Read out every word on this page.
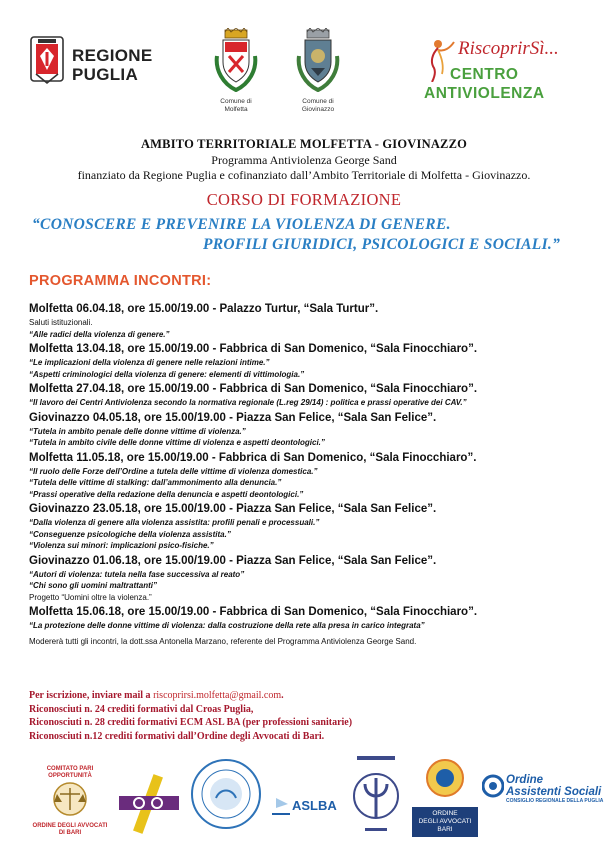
REGIONE
PUGLIA
Comune di
Molfetta
Comune di
Giovinazzo
RiscoprirSì...
CENTRO
ANTIVIOLENZA
AMBITO TERRITORIALE MOLFETTA - GIOVINAZZO
Programma Antiviolenza George Sand
finanziato da Regione Puglia e cofinanziato dall’Ambito Territoriale di Molfetta - Giovinazzo.
CORSO DI FORMAZIONE
“CONOSCERE E PREVENIRE LA VIOLENZA DI GENERE.
PROFILI GIURIDICI, PSICOLOGICI E SOCIALI.”
PROGRAMMA INCONTRI:
Molfetta 06.04.18, ore 15.00/19.00 - Palazzo Turtur, “Sala Turtur”.
Saluti istituzionali.
“Alle radici della violenza di genere.”
Molfetta 13.04.18, ore 15.00/19.00 - Fabbrica di San Domenico, “Sala Finocchiaro”.
“Le implicazioni della violenza di genere nelle relazioni intime.”
“Aspetti criminologici della violenza di genere: elementi di vittimologia.”
Molfetta 27.04.18, ore 15.00/19.00 - Fabbrica di San Domenico, “Sala Finocchiaro”.
“Il lavoro dei Centri Antiviolenza secondo la normativa regionale (L.reg 29/14) : politica e prassi operative dei CAV.”
Giovinazzo 04.05.18, ore 15.00/19.00 - Piazza San Felice, “Sala San Felice”.
“Tutela in ambito penale delle donne vittime di violenza.”
“Tutela in ambito civile delle donne vittime di violenza e aspetti deontologici.”
Molfetta 11.05.18, ore 15.00/19.00 - Fabbrica di San Domenico, “Sala Finocchiaro”.
“Il ruolo delle Forze dell’Ordine a tutela delle vittime di violenza domestica.”
“Tutela delle vittime di stalking: dall’ammonimento alla denuncia.”
“Prassi operative della redazione della denuncia e aspetti deontologici.”
Giovinazzo 23.05.18, ore 15.00/19.00 - Piazza San Felice, “Sala San Felice”.
“Dalla violenza di genere alla violenza assistita: profili penali e processuali.”
“Conseguenze psicologiche della violenza assistita.”
“Violenza sui minori: implicazioni psico-fisiche.”
Giovinazzo 01.06.18, ore 15.00/19.00 - Piazza San Felice, “Sala San Felice”.
“Autori di violenza: tutela nella fase successiva al reato”
“Chi sono gli uomini maltrattanti”
Progetto “Uomini oltre la violenza.”
Molfetta 15.06.18, ore 15.00/19.00 - Fabbrica di San Domenico, “Sala Finocchiaro”.
“La protezione delle donne vittime di violenza: dalla costruzione della rete alla presa in carico integrata”
Modererà tutti gli incontri, la dott.ssa Antonella Marzano, referente del Programma Antiviolenza George Sand.
Per iscrizione, inviare mail a riscoprirsi.molfetta@gmail.com.
Riconosciuti n. 24 crediti formativi dal Croas Puglia,
Riconosciuti n. 28 crediti formativi ECM ASL BA (per professioni sanitarie)
Riconosciuti n.12 crediti formativi dall’Ordine degli Avvocati di Bari.
COMITATO PARI OPPORTUNITÀ
ORDINE DEGLI AVVOCATI DI BARI
ASLBA
ORDINE
DEGLI AVVOCATI
BARI
Ordine
Assistenti Sociali
CONSIGLIO REGIONALE DELLA PUGLIA
